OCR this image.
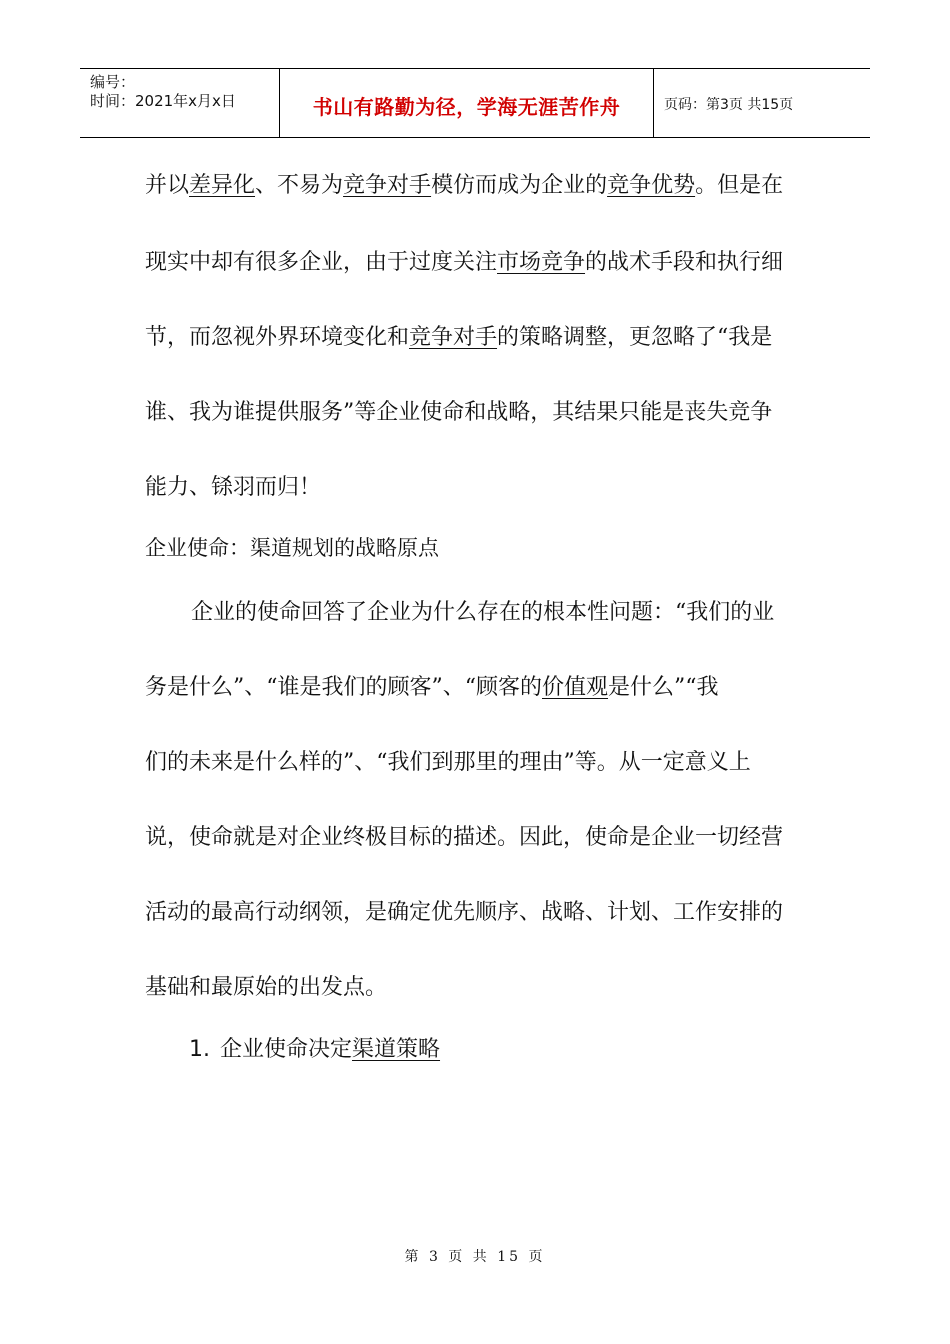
编号：
时间：2021年x月x日	书山有路勤为径，学海无涯苦作舟	页码：第3页 共15页
并以差异化、不易为竞争对手模仿而成为企业的竞争优势。但是在
现实中却有很多企业，由于过度关注市场竞争的战术手段和执行细
节，而忽视外界环境变化和竞争对手的策略调整，更忽略了“我是
谁、我为谁提供服务”等企业使命和战略，其结果只能是丧失竞争
能力、铩羽而归！
企业使命：渠道规划的战略原点
企业的使命回答了企业为什么存在的根本性问题：“我们的业
务是什么”、“谁是我们的顾客”、“顾客的价值观是什么”“我
们的未来是什么样的”、“我们到那里的理由”等。从一定意义上
说，使命就是对企业终极目标的描述。因此，使命是企业一切经营
活动的最高行动纲领，是确定优先顺序、战略、计划、工作安排的
基础和最原始的出发点。
1. 企业使命决定渠道策略
第 3 页 共 15 页
